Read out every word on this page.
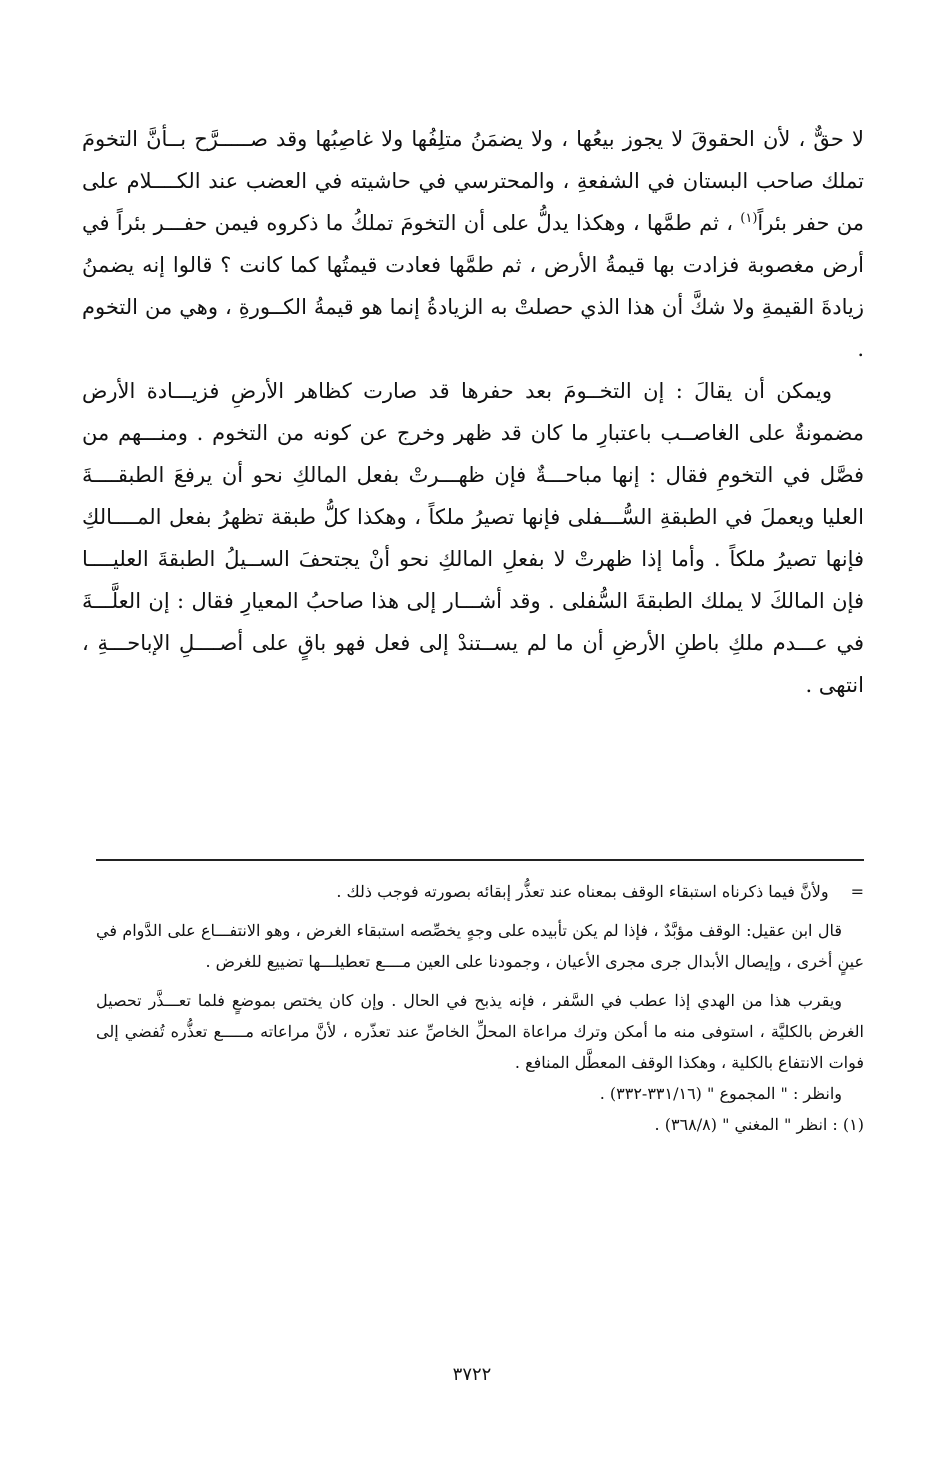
لا حقٌّ ، لأن الحقوقَ لا يجوز بيعُها ، ولا يضمَنُ متلِفُها ولا غاصِبُها وقد صـــــرَّح بــأنَّ التخومَ تملك صاحب البستان في الشفعةِ ، والمحترسي في حاشيته في العضب عند الكــــلام على من حفر بئراً$^{(١)}$ ، ثم طمَّها ، وهكذا يدلُّ على أن التخومَ تملكُ ما ذكروه فيمن حفـــر بئراً في أرض مغصوبة فزادت بها قيمةُ الأرض ، ثم طمَّها فعادت قيمتُها كما كانت ؟ قالوا إنه يضمنُ زيادةَ القيمةِ ولا شكَّ أن هذا الذي حصلتْ به الزيادةُ إنما هو قيمةُ الكــورةِ ، وهي من التخوم .

ويمكن أن يقالَ : إن التخــومَ بعد حفرها قد صارت كظاهر الأرضِ فزيـــادة الأرض مضمونةٌ على الغاصــب باعتبارِ ما كان قد ظهر وخرج عن كونه من التخوم . ومنـــهم من فصَّل في التخومِ فقال : إنها مباحـــةٌ فإن ظهـــرتْ بفعل المالكِ نحو أن يرفعَ الطبقــــةَ العليا ويعملَ في الطبقةِ السُّـــفلى فإنها تصيرُ ملكاً ، وهكذا كلُّ طبقة تظهرُ بفعل المــــالكِ فإنها تصيرُ ملكاً . وأما إذا ظهرتْ لا بفعلِ المالكِ نحو أنْ يجتحفَ الســيلُ الطبقةَ العليــــا فإن المالكَ لا يملك الطبقةَ السُّفلى . وقد أشـــار إلى هذا صاحبُ المعيارِ فقال : إن العلَّـــةَ في عـــدم ملكِ باطنِ الأرضِ أن ما لم يســتندْ إلى فعل فهو باقٍ على أصــــلِ الإباحـــةِ ، انتهى .

=
ولأنَّ فيما ذكرناه استبقاء الوقف بمعناه عند تعذُّر إبقائه بصورته فوجب ذلك .

قال ابن عقيل: الوقف مؤبَّدٌ ، فإذا لم يكن تأبيده على وجهٍ يخصِّصه استبقاء الغرض ، وهو الانتفـــاع على الدَّوام في عينٍ أخرى ، وإيصال الأبدال جرى مجرى الأعيان ، وجمودنا على العين مــــع تعطيلـــها تضييع للغرض .

ويقرب هذا من الهدي إذا عطب في السَّفر ، فإنه يذبح في الحال . وإن كان يختص بموضعٍ فلما تعـــذَّر تحصيل الغرض بالكليَّة ، استوفى منه ما أمكن وترك مراعاة المحلِّ الخاصِّ عند تعذّره ، لأنَّ مراعاته مـــــع تعذُّره تُفضي إلى فوات الانتفاع بالكلية ، وهكذا الوقف المعطَّل المنافع .

وانظر : " المجموع " (٣٣١/١٦-٣٣٢) .

(١) : انظر " المغني " (٣٦٨/٨) .

٣٧٢٢
